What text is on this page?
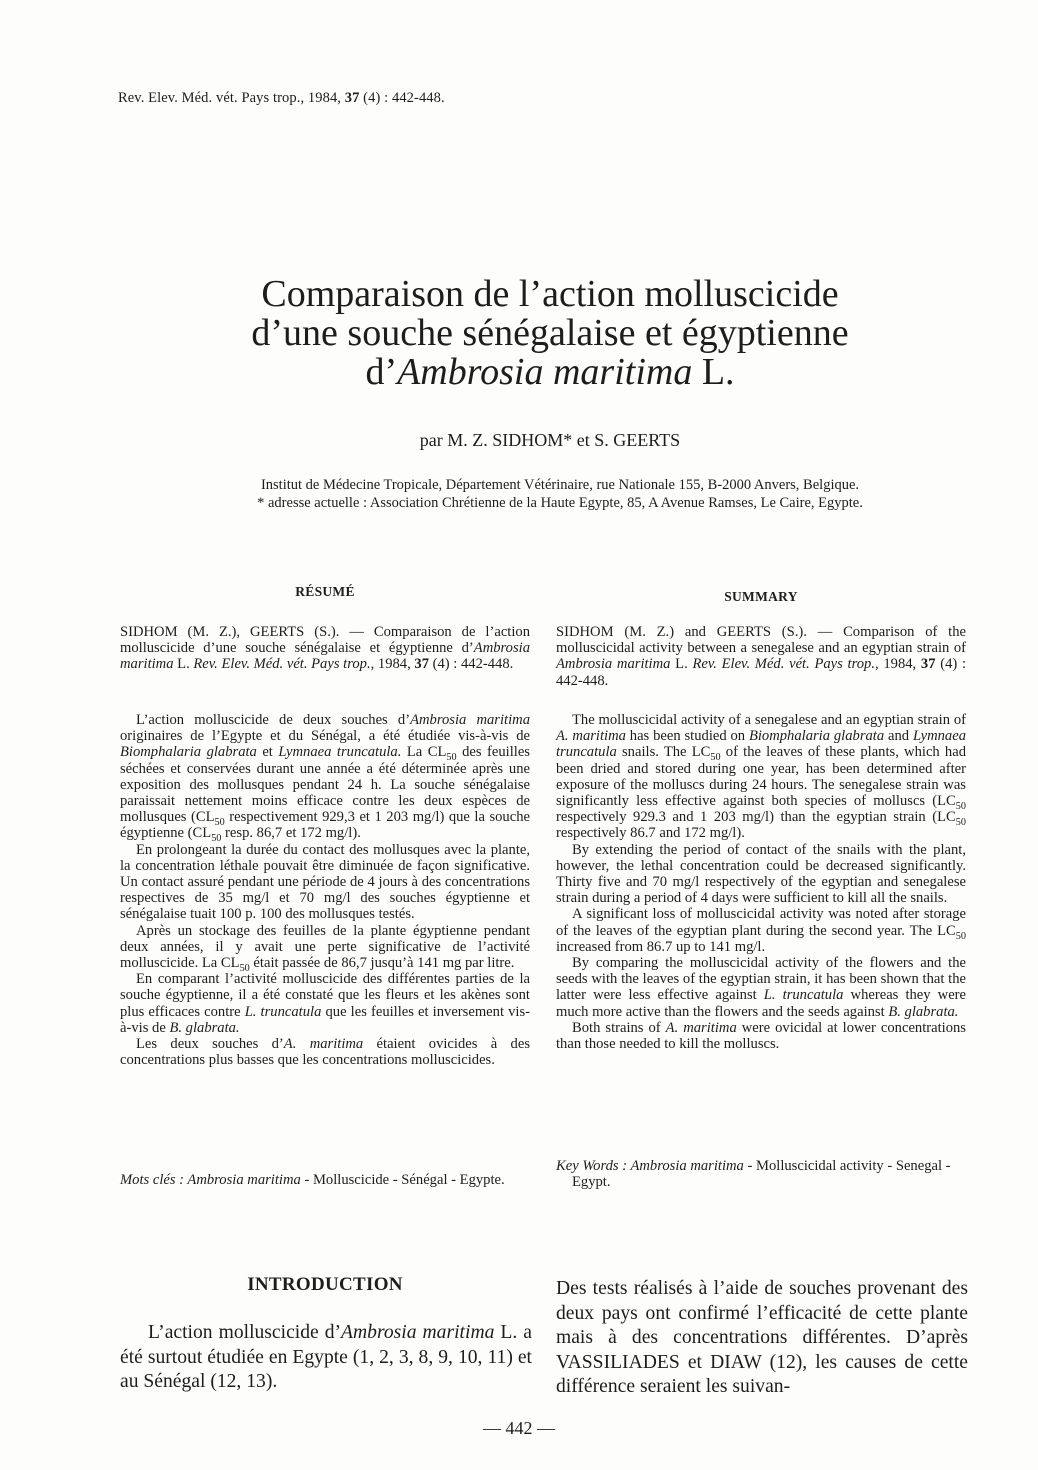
Rev. Elev. Méd. vét. Pays trop., 1984, 37 (4) : 442-448.
Comparaison de l’action molluscicide
d’une souche sénégalaise et égyptienne
d’Ambrosia maritima L.
par M. Z. SIDHOM* et S. GEERTS
Institut de Médecine Tropicale, Département Vétérinaire, rue Nationale 155, B-2000 Anvers, Belgique.
* adresse actuelle : Association Chrétienne de la Haute Egypte, 85, A Avenue Ramses, Le Caire, Egypte.
RÉSUMÉ

SIDHOM (M. Z.), GEERTS (S.). — Comparaison de l’action molluscicide d’une souche sénégalaise et égyptienne d’Ambrosia maritima L. Rev. Elev. Méd. vét. Pays trop., 1984, 37 (4) : 442-448.

L’action molluscicide de deux souches d’Ambrosia maritima originaires de l’Egypte et du Sénégal, a été étudiée vis-à-vis de Biomphalaria glabrata et Lymnaea truncatula. La $CL_{50}$ des feuilles séchées et conservées durant une année a été déterminée après une exposition des mollusques pendant 24 h. La souche sénégalaise paraissait nettement moins efficace contre les deux espèces de mollusques ($CL_{50}$ respectivement 929,3 et 1 203 mg/l) que la souche égyptienne ($CL_{50}$ resp. 86,7 et 172 mg/l).

En prolongeant la durée du contact des mollusques avec la plante, la concentration léthale pouvait être diminuée de façon significative. Un contact assuré pendant une période de 4 jours à des concentrations respectives de 35 mg/l et 70 mg/l des souches égyptienne et sénégalaise tuait 100 p. 100 des mollusques testés.

Après un stockage des feuilles de la plante égyptienne pendant deux années, il y avait une perte significative de l’activité molluscicide. La $CL_{50}$ était passée de 86,7 jusqu’à 141 mg par litre.

En comparant l’activité molluscicide des différentes parties de la souche égyptienne, il a été constaté que les fleurs et les akènes sont plus efficaces contre L. truncatula que les feuilles et inversement vis-à-vis de B. glabrata.

Les deux souches d’A. maritima étaient ovicides à des concentrations plus basses que les concentrations molluscicides.

Mots clés : Ambrosia maritima - Molluscicide - Sénégal - Egypte.
SUMMARY

SIDHOM (M. Z.) and GEERTS (S.). — Comparison of the molluscicidal activity between a senegalese and an egyptian strain of Ambrosia maritima L. Rev. Elev. Méd. vét. Pays trop., 1984, 37 (4) : 442-448.

The molluscicidal activity of a senegalese and an egyptian strain of A. maritima has been studied on Biomphalaria glabrata and Lymnaea truncatula snails. The $LC_{50}$ of the leaves of these plants, which had been dried and stored during one year, has been determined after exposure of the molluscs during 24 hours. The senegalese strain was significantly less effective against both species of molluscs ($LC_{50}$ respectively 929.3 and 1 203 mg/l) than the egyptian strain ($LC_{50}$ respectively 86.7 and 172 mg/l).

By extending the period of contact of the snails with the plant, however, the lethal concentration could be decreased significantly. Thirty five and 70 mg/l respectively of the egyptian and senegalese strain during a period of 4 days were sufficient to kill all the snails.

A significant loss of molluscicidal activity was noted after storage of the leaves of the egyptian plant during the second year. The $LC_{50}$ increased from 86.7 up to 141 mg/l.

By comparing the molluscicidal activity of the flowers and the seeds with the leaves of the egyptian strain, it has been shown that the latter were less effective against L. truncatula whereas they were much more active than the flowers and the seeds against B. glabrata.

Both strains of A. maritima were ovicidal at lower concentrations than those needed to kill the molluscs.

Key Words : Ambrosia maritima - Molluscicidal activity - Senegal - Egypt.
INTRODUCTION
L’action molluscicide d’Ambrosia maritima L. a été surtout étudiée en Egypte (1, 2, 3, 8, 9, 10, 11) et au Sénégal (12, 13).
Des tests réalisés à l’aide de souches provenant des deux pays ont confirmé l’efficacité de cette plante mais à des concentrations différentes. D’après VASSILIADES et DIAW (12), les causes de cette différence seraient les suivan-
— 442 —
